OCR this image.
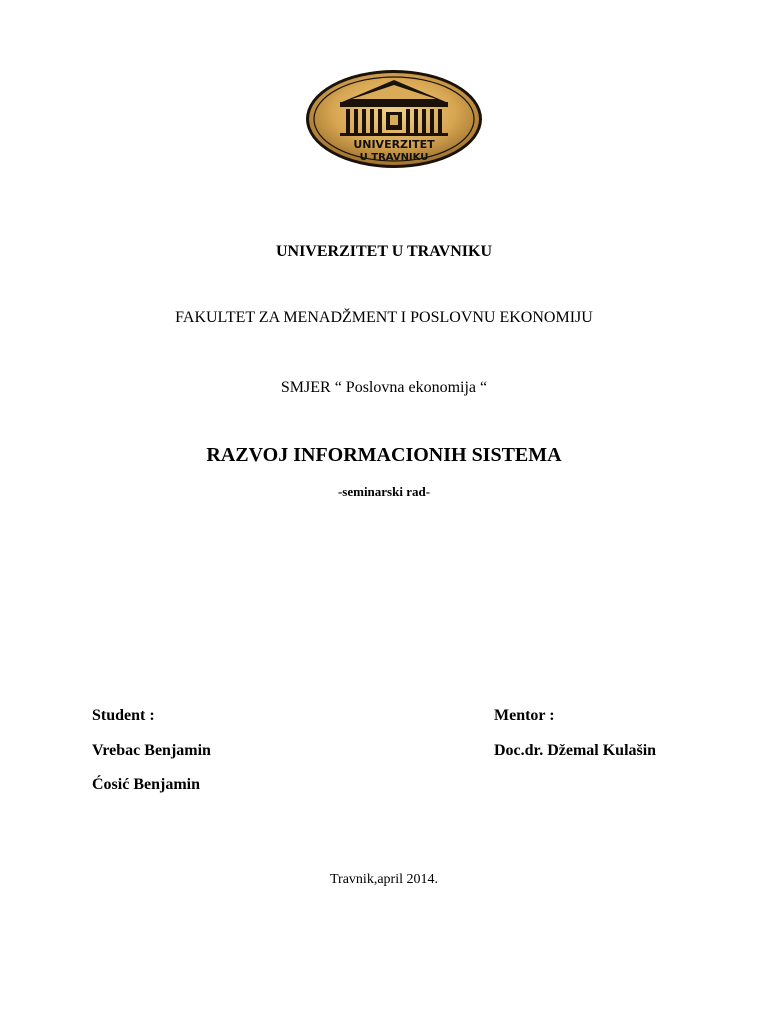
UNIVERZITET
U TRAVNIKU
UNIVERZITET U TRAVNIKU
FAKULTET ZA MENADŽMENT I POSLOVNU EKONOMIJU
SMJER “ Poslovna ekonomija “
RAZVOJ INFORMACIONIH SISTEMA
-seminarski rad-
Student :
Vrebac Benjamin
Ćosić Benjamin
Mentor :
Doc.dr. Džemal Kulašin
Travnik,april 2014.
